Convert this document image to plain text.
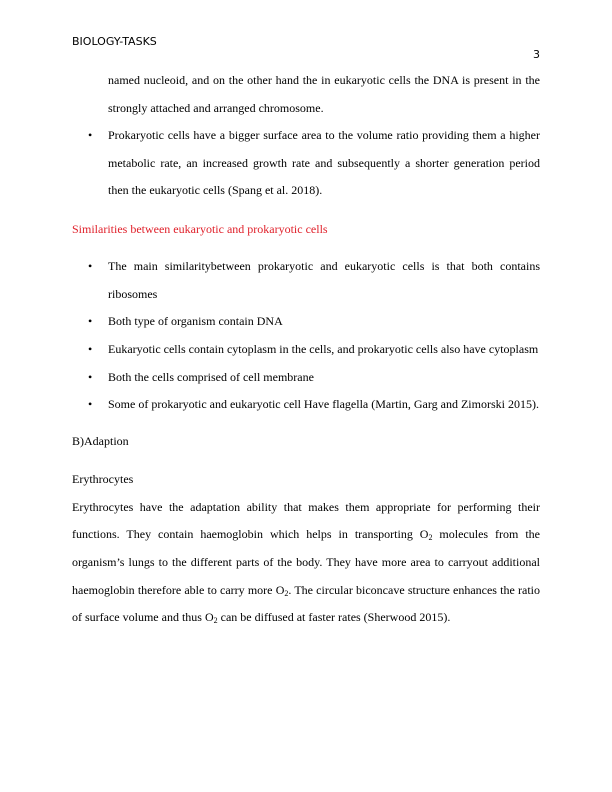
BIOLOGY-TASKS
3
named nucleoid, and on the other hand the in eukaryotic cells the DNA is present in the
strongly attached and arranged chromosome.
• Prokaryotic cells have a bigger surface area to the volume ratio providing them a higher
metabolic rate, an increased growth rate and subsequently a shorter generation period
then the eukaryotic cells (Spang et al. 2018).
Similarities between eukaryotic and prokaryotic cells
• The main similaritybetween prokaryotic and eukaryotic cells is that both contains
ribosomes
• Both type of organism contain DNA
• Eukaryotic cells contain cytoplasm in the cells, and prokaryotic cells also have cytoplasm
• Both the cells comprised of cell membrane
• Some of prokaryotic and eukaryotic cell Have flagella (Martin, Garg and Zimorski 2015).
B)Adaption
Erythrocytes
Erythrocytes have the adaptation ability that makes them appropriate for performing their
functions. They contain haemoglobin which helps in transporting $O_2$ molecules from the
organism’s lungs to the different parts of the body. They have more area to carryout additional
haemoglobin therefore able to carry more $O_2$. The circular biconcave structure enhances the ratio
of surface volume and thus $O_2$ can be diffused at faster rates (Sherwood 2015).
